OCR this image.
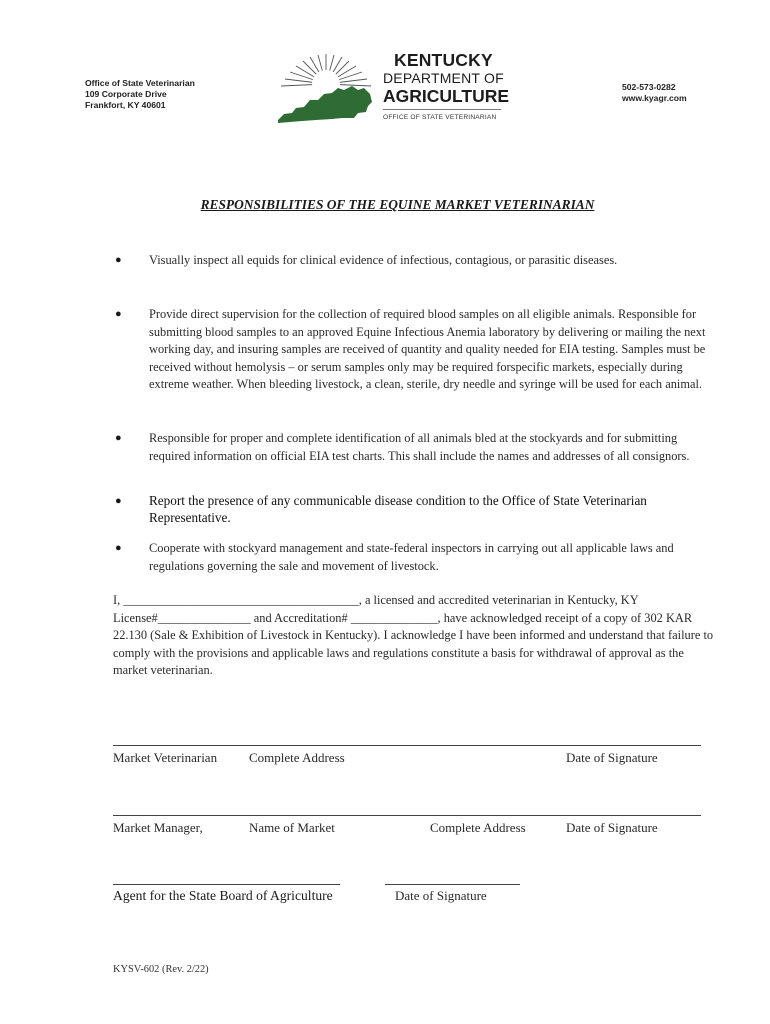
Office of State Veterinarian
109 Corporate Drive
Frankfort, KY 40601
KENTUCKY
DEPARTMENT OF
AGRICULTURE
OFFICE OF STATE VETERINARIAN
502-573-0282
www.kyagr.com
RESPONSIBILITIES OF THE EQUINE MARKET VETERINARIAN
● Visually inspect all equids for clinical evidence of infectious, contagious, or parasitic diseases.
● Provide direct supervision for the collection of required blood samples on all eligible animals. Responsible for submitting blood samples to an approved Equine Infectious Anemia laboratory by delivering or mailing the next working day, and insuring samples are received of quantity and quality needed for EIA testing. Samples must be received without hemolysis – or serum samples only may be required forspecific markets, especially during extreme weather. When bleeding livestock, a clean, sterile, dry needle and syringe will be used for each animal.
● Responsible for proper and complete identification of all animals bled at the stockyards and for submitting required information on official EIA test charts. This shall include the names and addresses of all consignors.
● Report the presence of any communicable disease condition to the Office of State Veterinarian Representative.
● Cooperate with stockyard management and state-federal inspectors in carrying out all applicable laws and regulations governing the sale and movement of livestock.
I, ______________________________________, a licensed and accredited veterinarian in Kentucky, KY License#_______________ and Accreditation# ______________, have acknowledged receipt of a copy of 302 KAR 22.130 (Sale & Exhibition of Livestock in Kentucky). I acknowledge I have been informed and understand that failure to comply with the provisions and applicable laws and regulations constitute a basis for withdrawal of approval as the market veterinarian.
Market Veterinarian Complete Address	Date of Signature
Market Manager,	Name of Market	Complete Address	Date of Signature
Agent for the State Board of Agriculture	Date of Signature
KYSV-602 (Rev. 2/22)
